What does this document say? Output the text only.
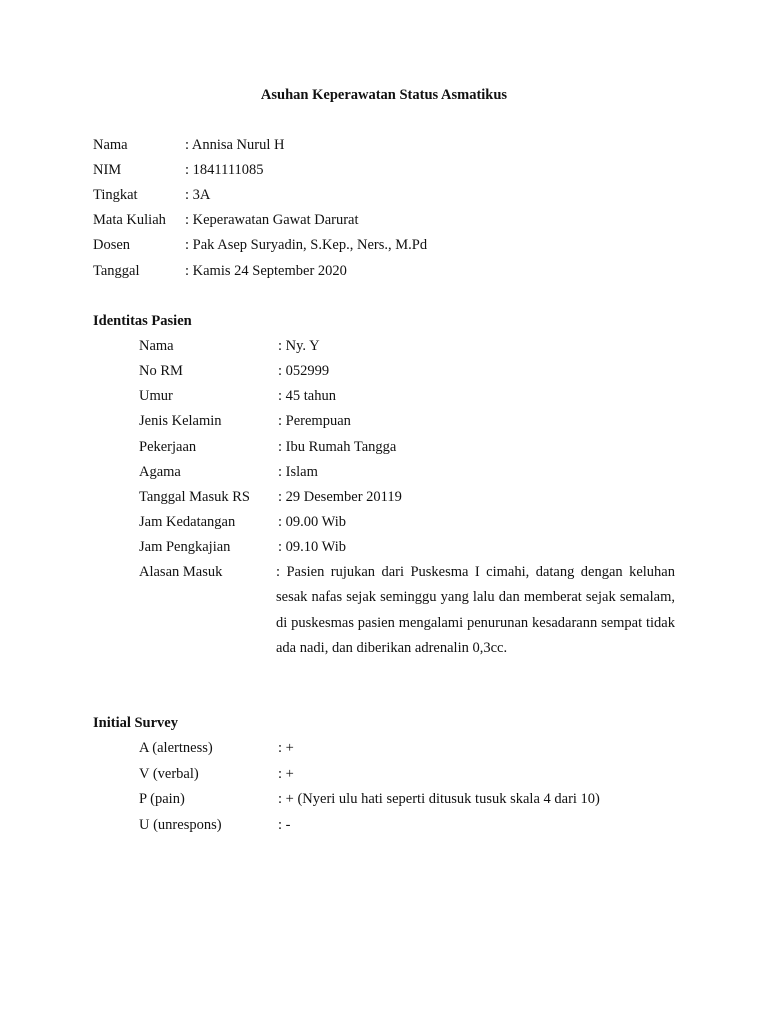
Asuhan Keperawatan Status Asmatikus
Nama	: Annisa Nurul H
NIM	: 1841111085
Tingkat	: 3A
Mata Kuliah : Keperawatan Gawat Darurat
Dosen	: Pak Asep Suryadin, S.Kep., Ners., M.Pd
Tanggal	: Kamis 24 September 2020
Identitas Pasien
Nama	: Ny. Y
No RM	: 052999
Umur	: 45 tahun
Jenis Kelamin	: Perempuan
Pekerjaan	: Ibu Rumah Tangga
Agama	: Islam
Tanggal Masuk RS : 29 Desember 20119
Jam Kedatangan	: 09.00 Wib
Jam Pengkajian	: 09.10 Wib
Alasan Masuk	: Pasien rujukan dari Puskesma I cimahi, datang dengan keluhan sesak nafas sejak seminggu yang lalu dan memberat sejak semalam, di puskesmas pasien mengalami penurunan kesadarann sempat tidak ada nadi, dan diberikan adrenalin 0,3cc.
Initial Survey
A (alertness)	: +
V (verbal)	: +
P (pain)	: + (Nyeri ulu hati seperti ditusuk tusuk skala 4 dari 10)
U (unrespons)	: -
